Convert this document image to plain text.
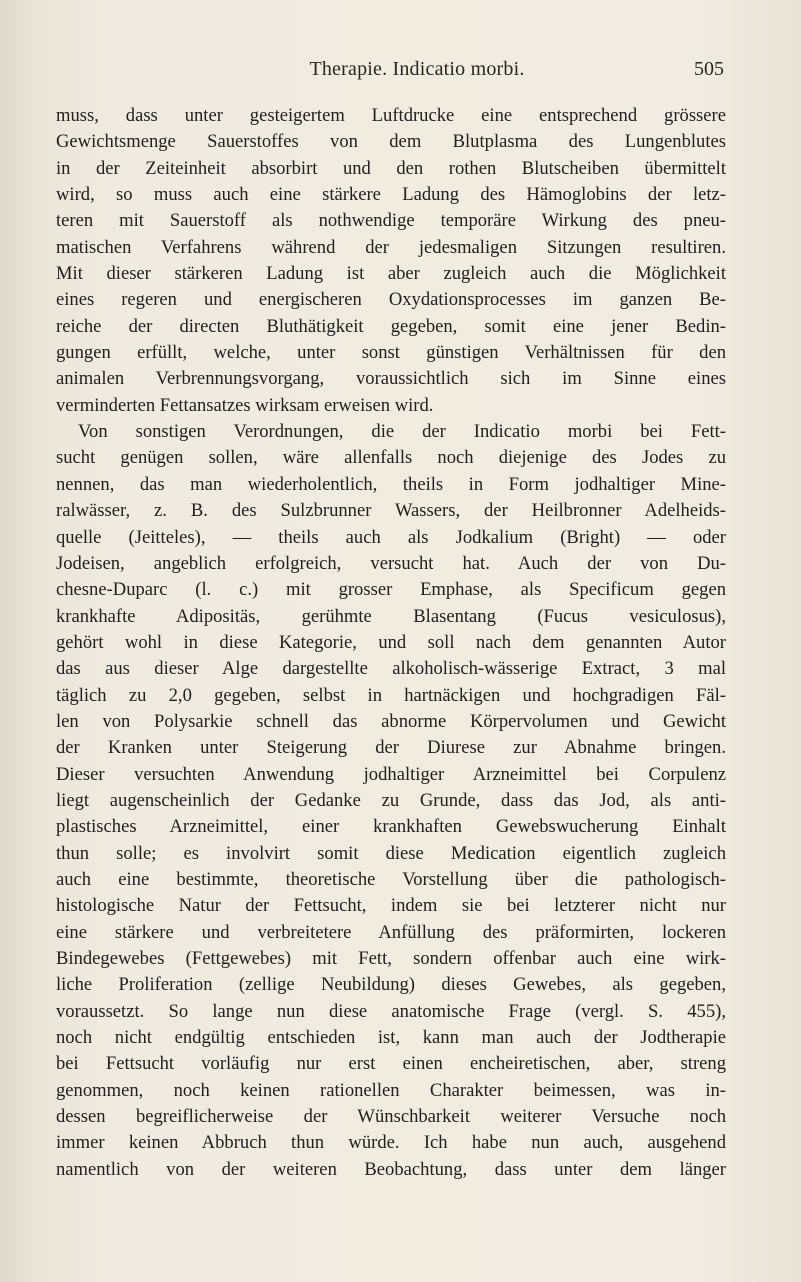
Therapie. Indicatio morbi.	505
muss, dass unter gesteigertem Luftdrucke eine entsprechend grössere
Gewichtsmenge Sauerstoffes von dem Blutplasma des Lungenblutes
in der Zeiteinheit absorbirt und den rothen Blutscheiben übermittelt
wird, so muss auch eine stärkere Ladung des Hämoglobins der letz-
teren mit Sauerstoff als nothwendige temporäre Wirkung des pneu-
matischen Verfahrens während der jedesmaligen Sitzungen resultiren.
Mit dieser stärkeren Ladung ist aber zugleich auch die Möglichkeit
eines regeren und energischeren Oxydationsprocesses im ganzen Be-
reiche der directen Bluthätigkeit gegeben, somit eine jener Bedin-
gungen erfüllt, welche, unter sonst günstigen Verhältnissen für den
animalen Verbrennungsvorgang, voraussichtlich sich im Sinne eines
verminderten Fettansatzes wirksam erweisen wird.
Von sonstigen Verordnungen, die der Indicatio morbi bei Fett-
sucht genügen sollen, wäre allenfalls noch diejenige des Jodes zu
nennen, das man wiederholentlich, theils in Form jodhaltiger Mine-
ralwässer, z. B. des Sulzbrunner Wassers, der Heilbronner Adelheids-
quelle (Jeitteles), — theils auch als Jodkalium (Bright) — oder
Jodeisen, angeblich erfolgreich, versucht hat. Auch der von Du-
chesne-Duparc (l. c.) mit grosser Emphase, als Specificum gegen
krankhafte Adipositäs, gerühmte Blasentang (Fucus vesiculosus),
gehört wohl in diese Kategorie, und soll nach dem genannten Autor
das aus dieser Alge dargestellte alkoholisch-wässerige Extract, 3 mal
täglich zu 2,0 gegeben, selbst in hartnäckigen und hochgradigen Fäl-
len von Polysarkie schnell das abnorme Körpervolumen und Gewicht
der Kranken unter Steigerung der Diurese zur Abnahme bringen.
Dieser versuchten Anwendung jodhaltiger Arzneimittel bei Corpulenz
liegt augenscheinlich der Gedanke zu Grunde, dass das Jod, als anti-
plastisches Arzneimittel, einer krankhaften Gewebswucherung Einhalt
thun solle; es involvirt somit diese Medication eigentlich zugleich
auch eine bestimmte, theoretische Vorstellung über die pathologisch-
histologische Natur der Fettsucht, indem sie bei letzterer nicht nur
eine stärkere und verbreitetere Anfüllung des präformirten, lockeren
Bindegewebes (Fettgewebes) mit Fett, sondern offenbar auch eine wirk-
liche Proliferation (zellige Neubildung) dieses Gewebes, als gegeben,
voraussetzt. So lange nun diese anatomische Frage (vergl. S. 455),
noch nicht endgültig entschieden ist, kann man auch der Jodtherapie
bei Fettsucht vorläufig nur erst einen encheiretischen, aber, streng
genommen, noch keinen rationellen Charakter beimessen, was in-
dessen begreiflicherweise der Wünschbarkeit weiterer Versuche noch
immer keinen Abbruch thun würde. Ich habe nun auch, ausgehend
namentlich von der weiteren Beobachtung, dass unter dem länger
